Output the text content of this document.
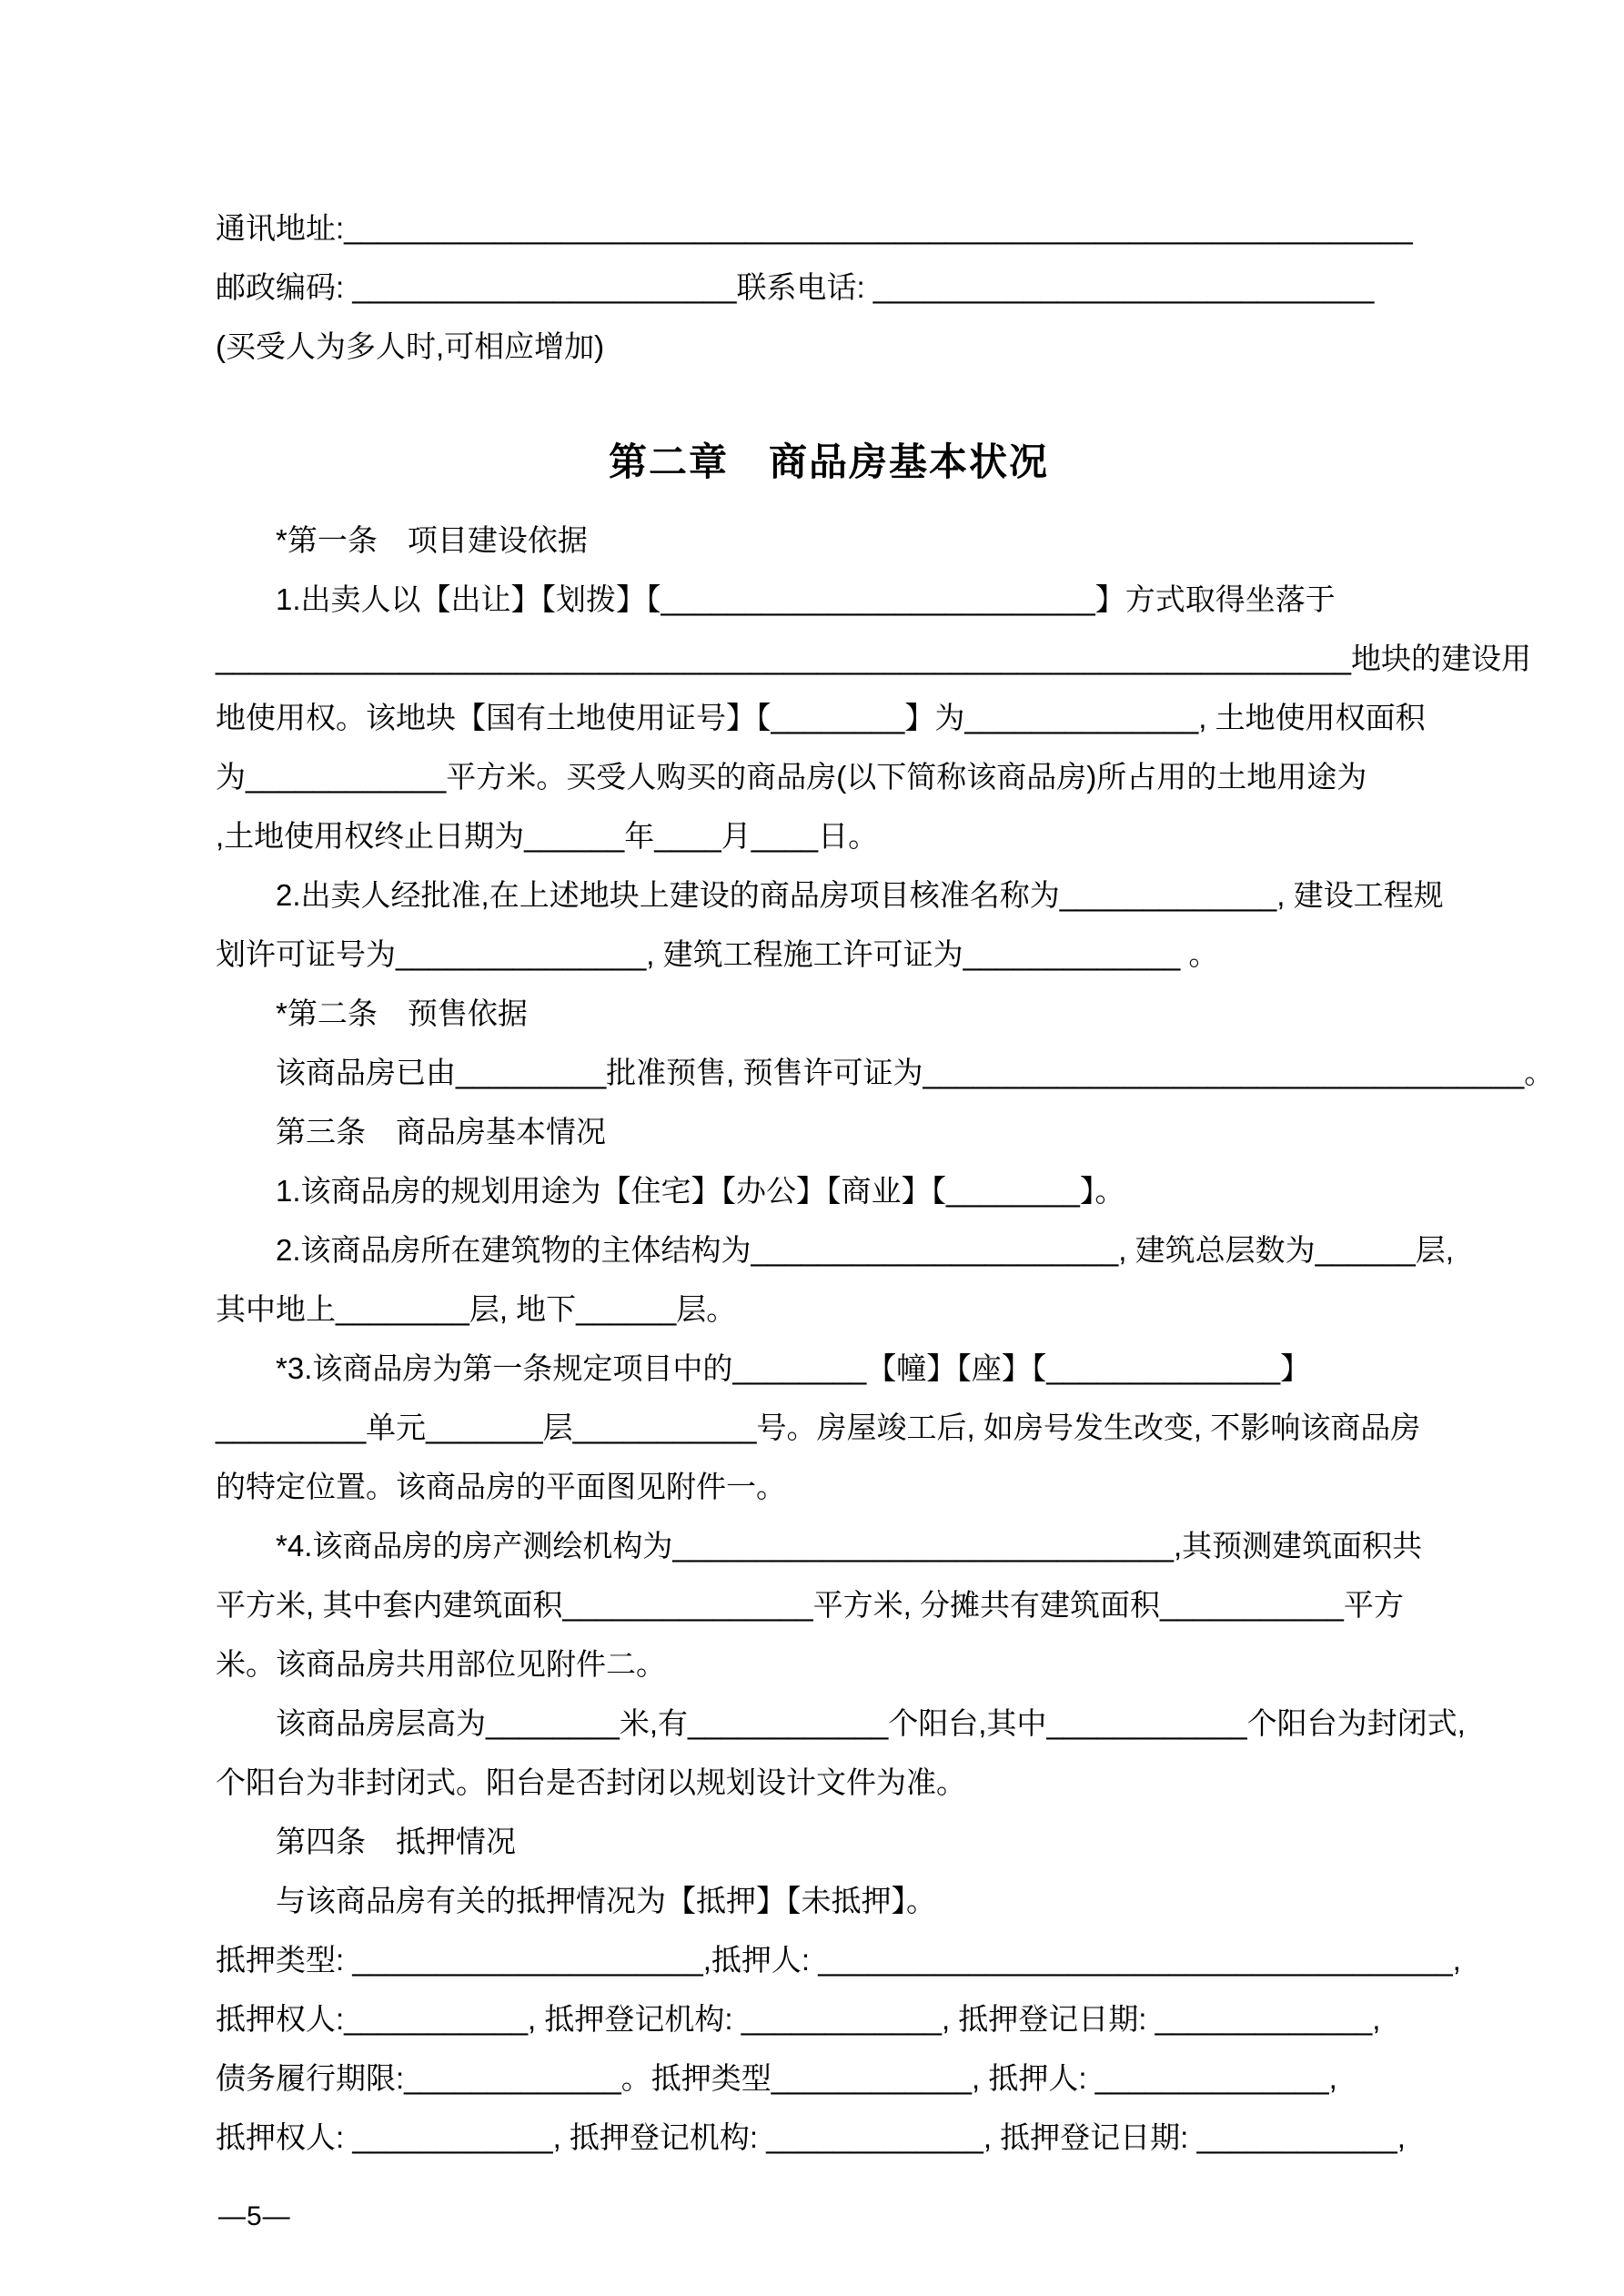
通讯地址:________________________________________________________________
邮政编码: _______________________联系电话: ______________________________
(买受人为多人时,可相应增加)
第二章　商品房基本状况
*第一条　项目建设依据
1.出卖人以【出让】【划拨】【__________________________】方式取得坐落于
____________________________________________________________________地块的建设用
地使用权。该地块【国有土地使用证号】【________】为______________, 土地使用权面积
为____________平方米。买受人购买的商品房(以下简称该商品房)所占用的土地用途为
,土地使用权终止日期为______年____月____日。
2.出卖人经批准,在上述地块上建设的商品房项目核准名称为_____________, 建设工程规
划许可证号为_______________, 建筑工程施工许可证为_____________ 。
*第二条　预售依据
该商品房已由_________批准预售, 预售许可证为____________________________________。
第三条　商品房基本情况
1.该商品房的规划用途为【住宅】【办公】【商业】【________】。
2.该商品房所在建筑物的主体结构为______________________, 建筑总层数为______层,
其中地上________层, 地下______层。
*3.该商品房为第一条规定项目中的________【幢】【座】【______________】
_________单元_______层___________号。房屋竣工后, 如房号发生改变, 不影响该商品房
的特定位置。该商品房的平面图见附件一。
*4.该商品房的房产测绘机构为______________________________,其预测建筑面积共
平方米, 其中套内建筑面积_______________平方米, 分摊共有建筑面积___________平方
米。该商品房共用部位见附件二。
该商品房层高为________米,有____________个阳台,其中____________个阳台为封闭式,
个阳台为非封闭式。阳台是否封闭以规划设计文件为准。
第四条　抵押情况
与该商品房有关的抵押情况为【抵押】【未抵押】。
抵押类型: _____________________,抵押人: ______________________________________,
抵押权人:___________, 抵押登记机构: ____________, 抵押登记日期: _____________,
债务履行期限:_____________。抵押类型____________, 抵押人: ______________,
抵押权人: ____________, 抵押登记机构: _____________, 抵押登记日期: ____________,
—5—
